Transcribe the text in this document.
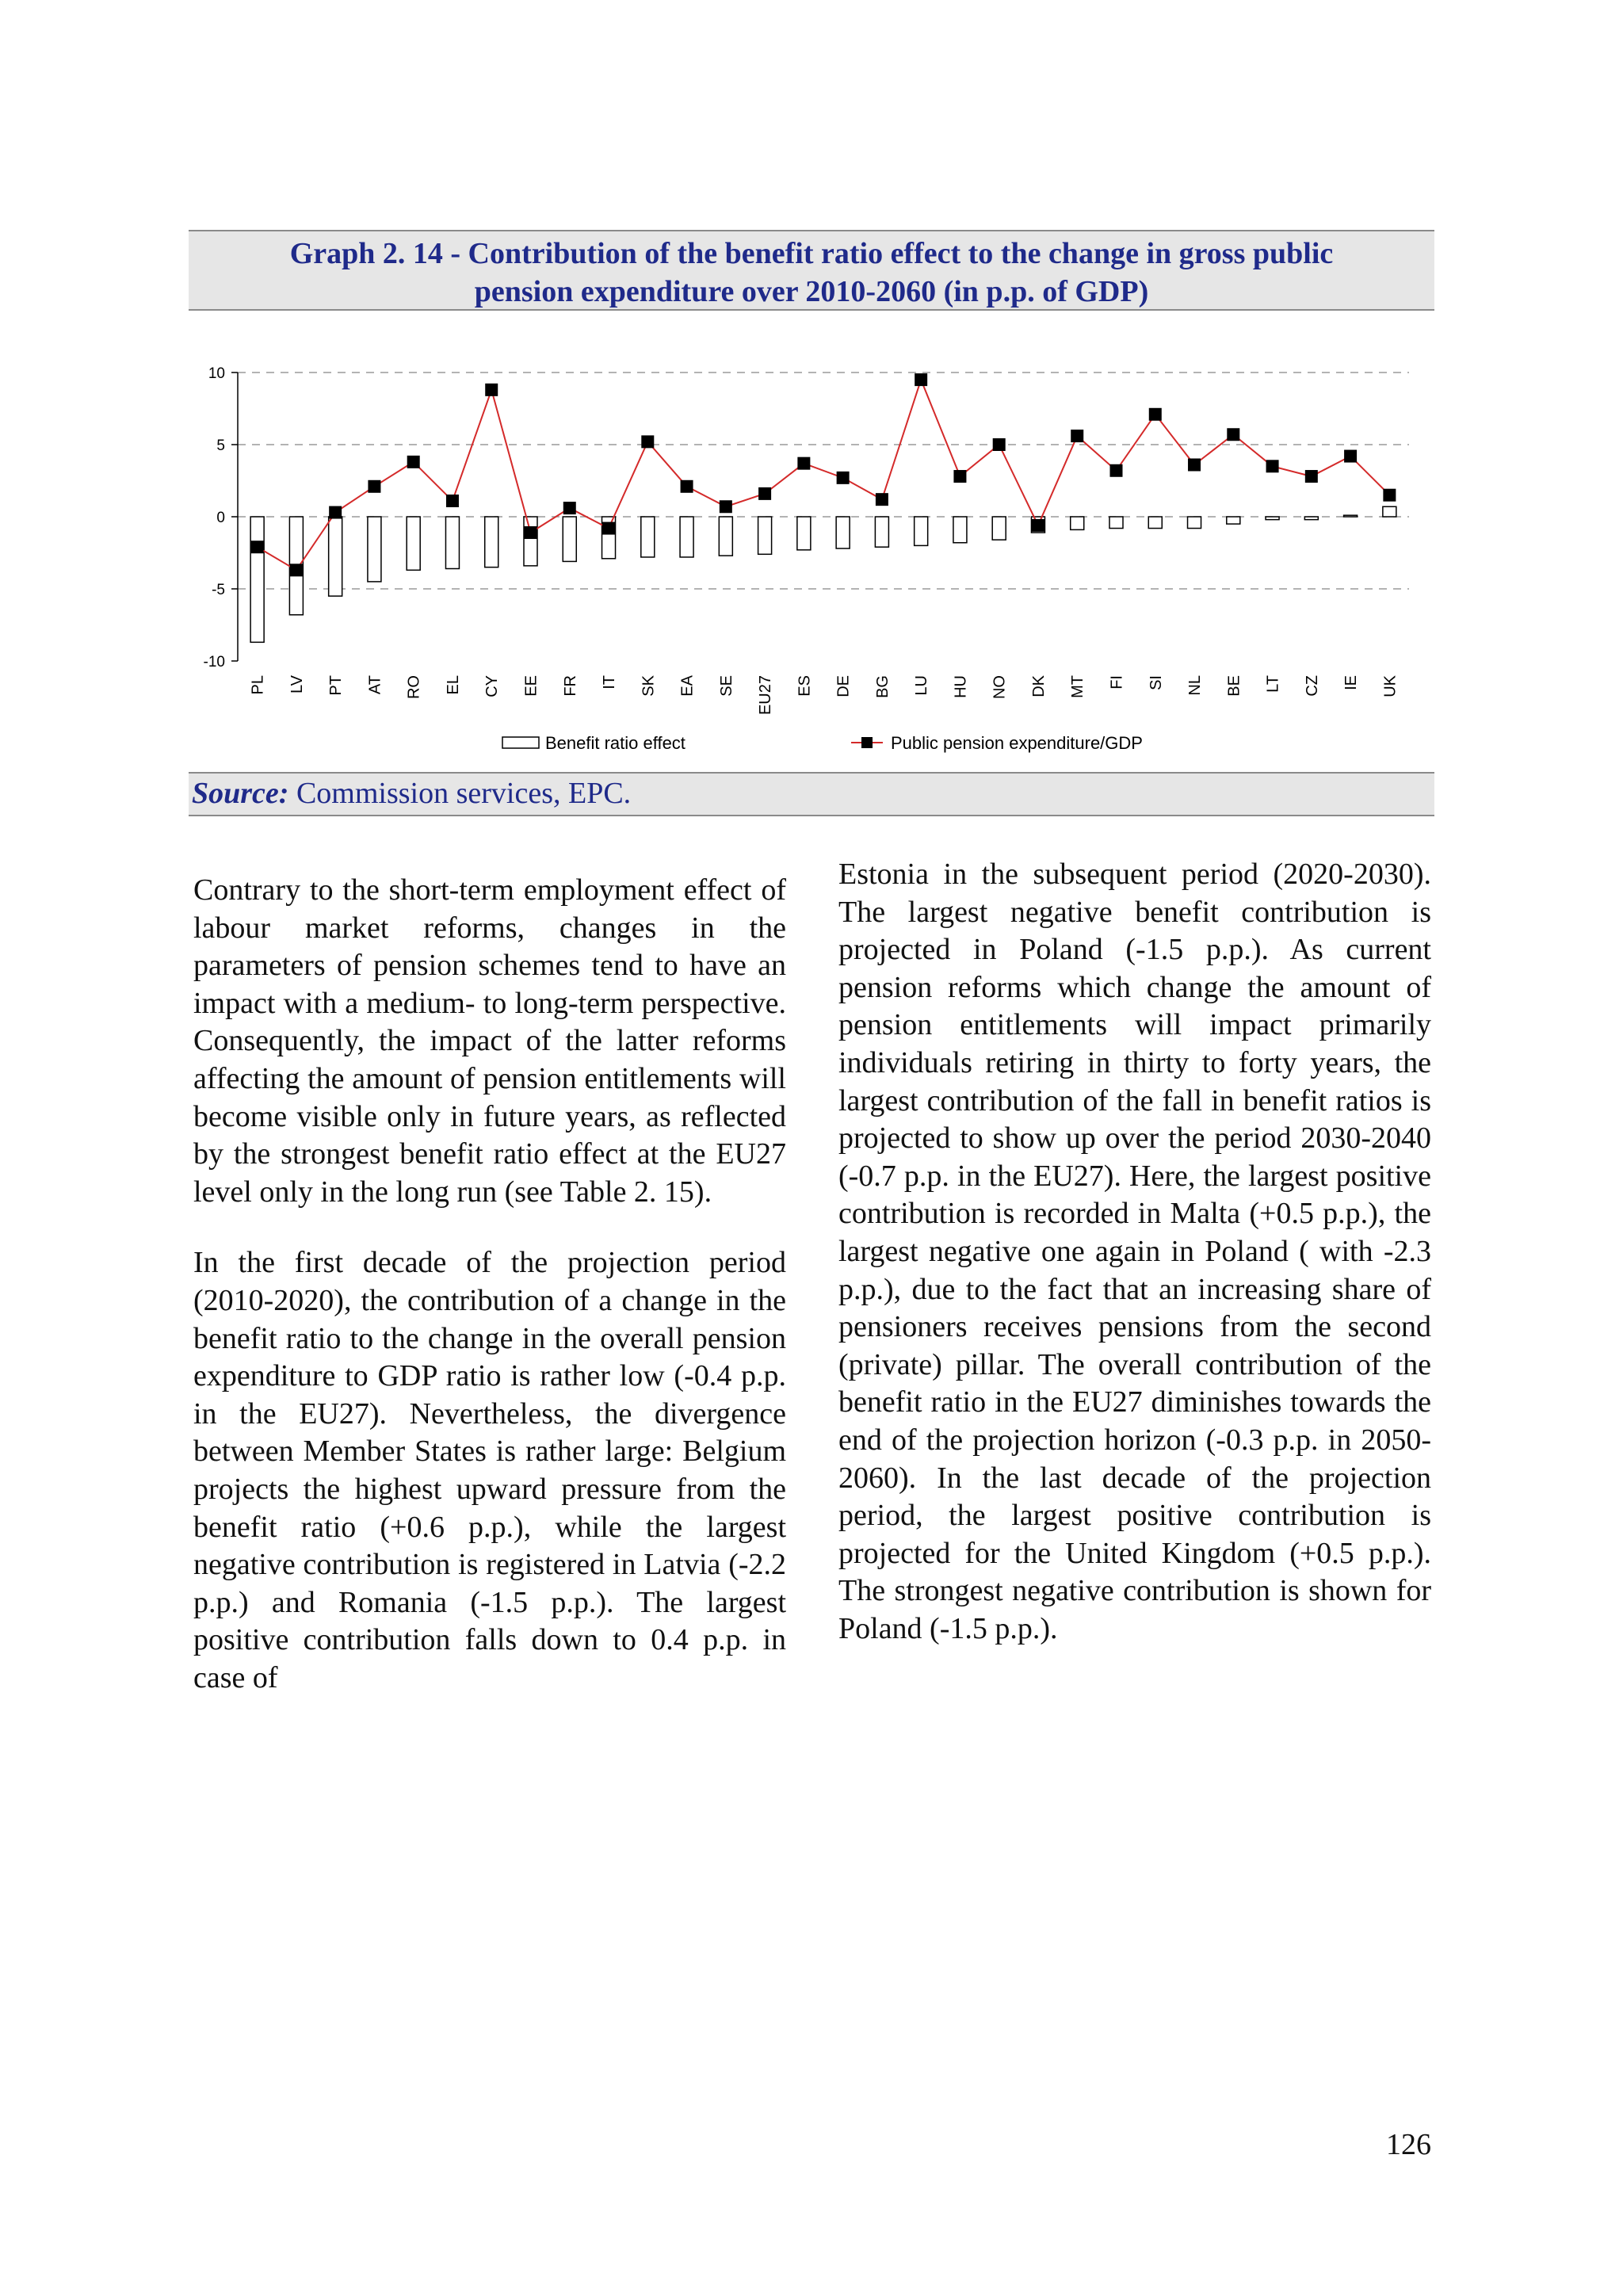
Graph 2. 14 - Contribution of the benefit ratio effect to the change in gross public
pension expenditure over 2010-2060 (in p.p. of GDP)
10
5
0
-5
-10
PL LV PT AT RO EL CY EE FR IT SK EA SE EU27 ES DE BG LU HU NO DK MT FI SI NL BE LT CZ IE UK
Benefit ratio effect	Public pension expenditure/GDP
Source: Commission services, EPC.

Contrary to the short-term employment effect of labour market reforms, changes in the parameters of pension schemes tend to have an impact with a medium- to long-term perspective. Consequently, the impact of the latter reforms affecting the amount of pension entitlements will become visible only in future years, as reflected by the strongest benefit ratio effect at the EU27 level only in the long run (see Table 2. 15).

In the first decade of the projection period (2010-2020), the contribution of a change in the benefit ratio to the change in the overall pension expenditure to GDP ratio is rather low (-0.4 p.p. in the EU27). Nevertheless, the divergence between Member States is rather large: Belgium projects the highest upward pressure from the benefit ratio (+0.6 p.p.), while the largest negative contribution is registered in Latvia (-2.2 p.p.) and Romania (-1.5 p.p.). The largest positive contribution falls down to 0.4 p.p. in case of

Estonia in the subsequent period (2020-2030). The largest negative benefit contribution is projected in Poland (-1.5 p.p.). As current pension reforms which change the amount of pension entitlements will impact primarily individuals retiring in thirty to forty years, the largest contribution of the fall in benefit ratios is projected to show up over the period 2030-2040 (-0.7 p.p. in the EU27). Here, the largest positive contribution is recorded in Malta (+0.5 p.p.), the largest negative one again in Poland ( with -2.3 p.p.), due to the fact that an increasing share of pensioners receives pensions from the second (private) pillar. The overall contribution of the benefit ratio in the EU27 diminishes towards the end of the projection horizon (-0.3 p.p. in 2050-2060). In the last decade of the projection period, the largest positive contribution is projected for the United Kingdom (+0.5 p.p.). The strongest negative contribution is shown for Poland (-1.5 p.p.).

126
